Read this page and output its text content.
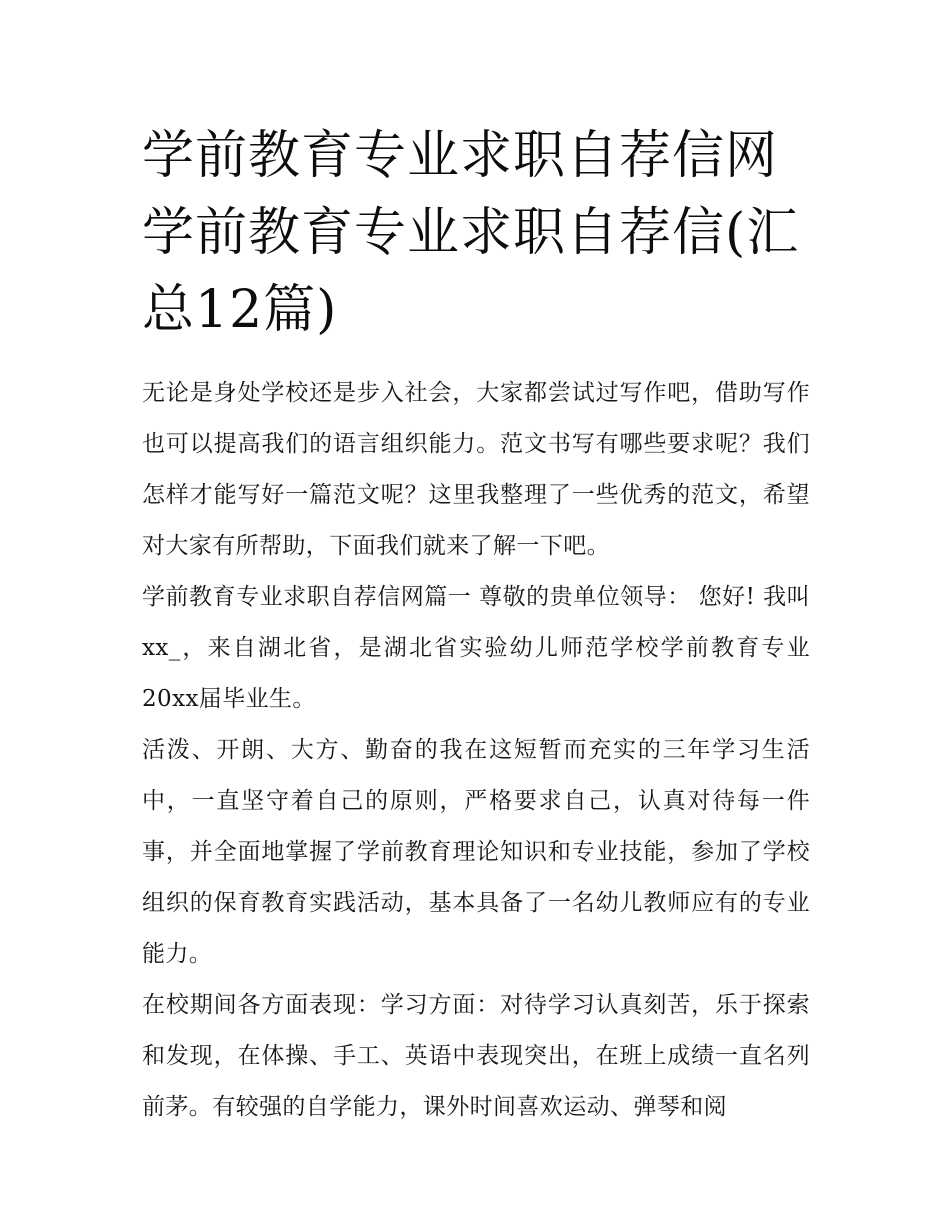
学前教育专业求职自荐信网 学前教育专业求职自荐信(汇总12篇)

无论是身处学校还是步入社会，大家都尝试过写作吧，借助写作也可以提高我们的语言组织能力。范文书写有哪些要求呢？我们怎样才能写好一篇范文呢？这里我整理了一些优秀的范文，希望对大家有所帮助，下面我们就来了解一下吧。

学前教育专业求职自荐信网篇一 尊敬的贵单位领导： 您好! 我叫xx_，来自湖北省，是湖北省实验幼儿师范学校学前教育专业20xx届毕业生。

活泼、开朗、大方、勤奋的我在这短暂而充实的三年学习生活中，一直坚守着自己的原则，严格要求自己，认真对待每一件事，并全面地掌握了学前教育理论知识和专业技能，参加了学校组织的保育教育实践活动，基本具备了一名幼儿教师应有的专业能力。

在校期间各方面表现：学习方面：对待学习认真刻苦，乐于探索和发现，在体操、手工、英语中表现突出，在班上成绩一直名列前茅。有较强的自学能力，课外时间喜欢运动、弹琴和阅
